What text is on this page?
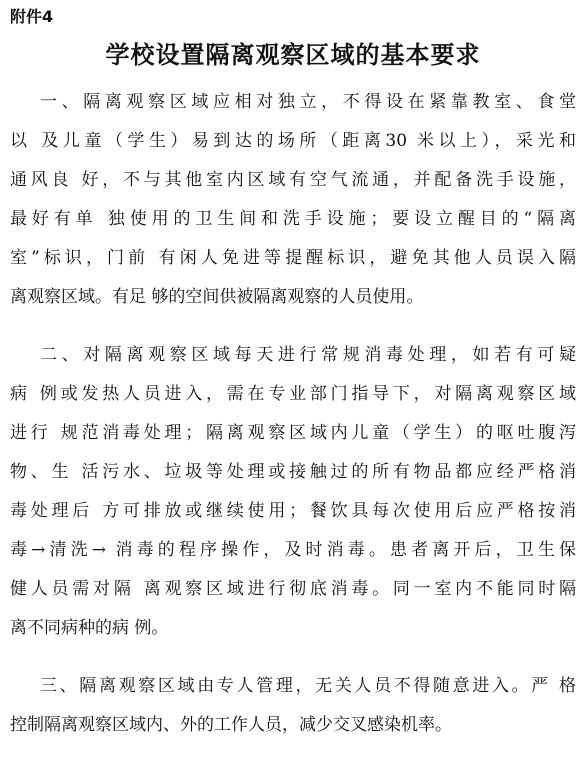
附件4
学校设置隔离观察区域的基本要求
一、隔离观察区域应相对独立，不得设在紧靠教室、食堂
以 及儿童（学生）易到达的场所（距离30 米以上），采光和
通风良 好，不与其他室内区域有空气流通，并配备洗手设施，
最好有单 独使用的卫生间和洗手设施；要设立醒目的“隔离
室”标识，门前 有闲人免进等提醒标识，避免其他人员误入隔
离观察区域。有足 够的空间供被隔离观察的人员使用。
二、对隔离观察区域每天进行常规消毒处理，如若有可疑
病 例或发热人员进入，需在专业部门指导下，对隔离观察区域
进行 规范消毒处理；隔离观察区域内儿童（学生）的呕吐腹泻
物、生 活污水、垃圾等处理或接触过的所有物品都应经严格消
毒处理后 方可排放或继续使用；餐饮具每次使用后应严格按消
毒→清洗→ 消毒的程序操作，及时消毒。患者离开后，卫生保
健人员需对隔 离观察区域进行彻底消毒。同一室内不能同时隔
离不同病种的病 例。
三、隔离观察区域由专人管理，无关人员不得随意进入。严 格
控制隔离观察区域内、外的工作人员，减少交叉感染机率。
